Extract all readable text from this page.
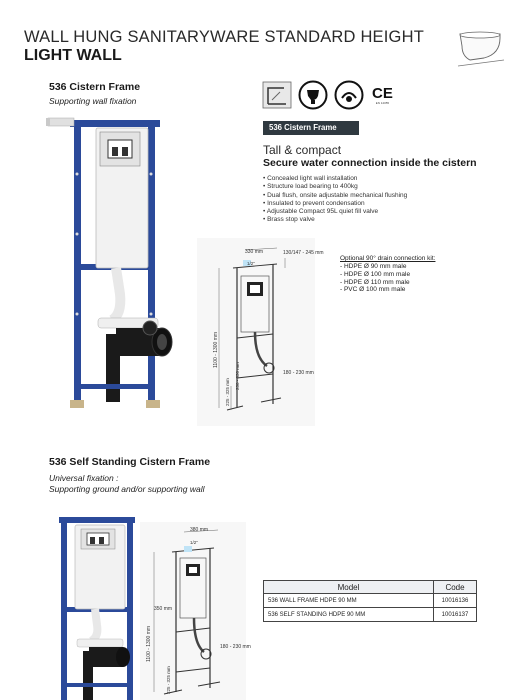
WALL HUNG SANITARYWARE STANDARD HEIGHT
LIGHT WALL
536 Cistern Frame
Supporting wall fixation	CE
EN 14055
536 Cistern Frame
Tall & compact
Secure water connection inside the cistern
• Concealed light wall installation
• Structure load bearing to 400kg
• Dual flush, onsite adjustable mechanical flushing
• Insulated to prevent condensation
• Adjustable Compact 95L quiet fill valve
• Brass stop valve
330 mm	130/147 - 245 mm
1/2"
1100 - 1300 mm
225 - 325 mm
230 - 330 mm	180 - 230 mm
Optional 90° drain connection kit:
- HDPE Ø 90 mm male
- HDPE Ø 100 mm male
- HDPE Ø 110 mm male
- PVC Ø 100 mm male
536 Self Standing Cistern Frame
Universal fixation :
Supporting ground and/or supporting wall
380 mm
1/2"
350 mm
1100 - 1300 mm
225 - 325 mm
180 - 230 mm
Model	Code
536 WALL FRAME HDPE 90 MM	10016136
536 SELF STANDING HDPE 90 MM	10016137
